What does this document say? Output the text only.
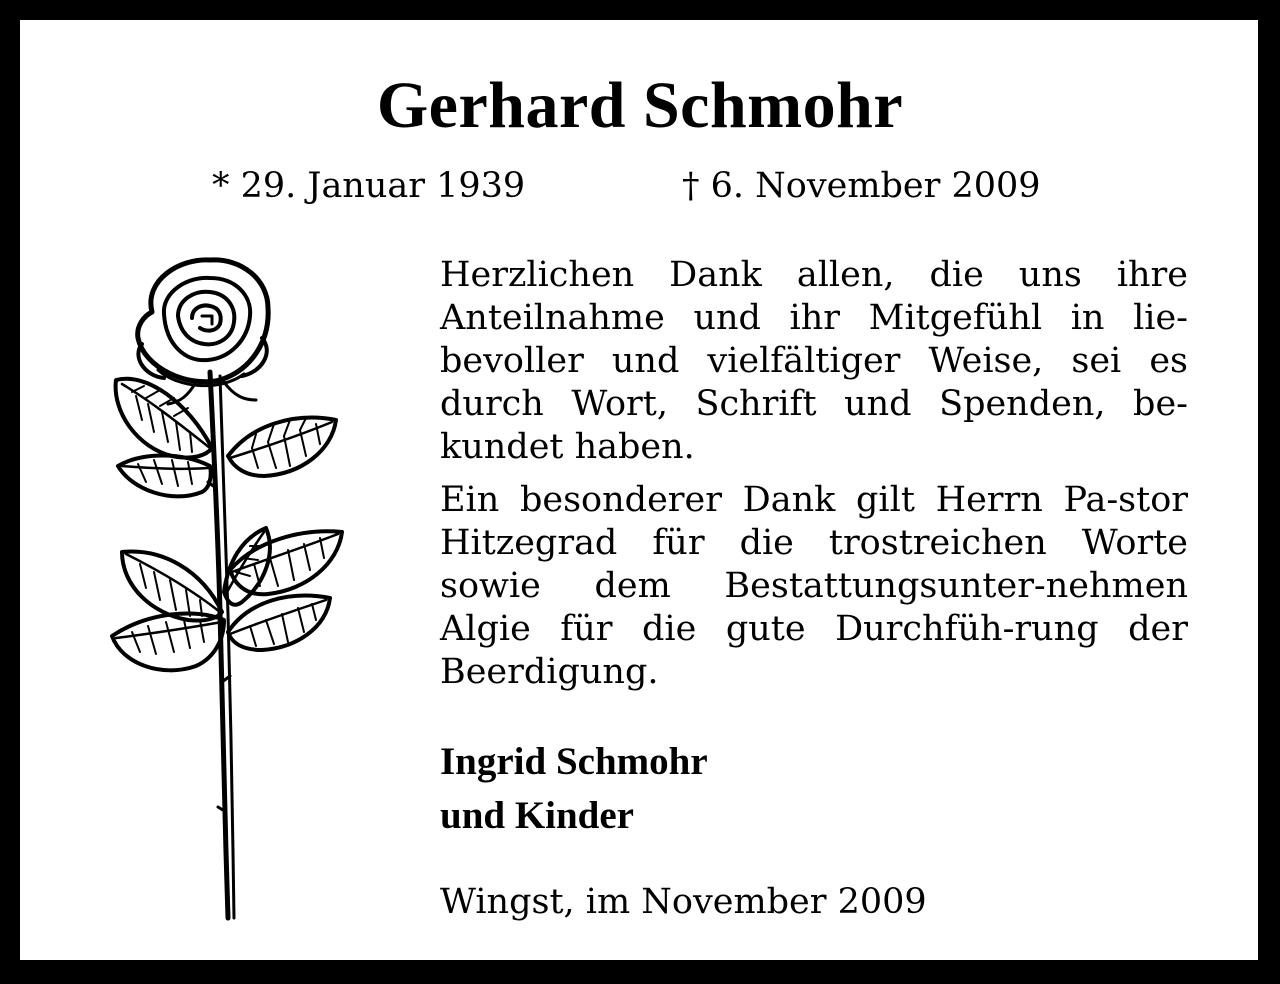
Gerhard Schmohr
* 29. Januar 1939	† 6. November 2009

Herzlichen Dank allen, die uns ihre Anteilnahme und ihr Mitgefühl in lie-bevoller und vielfältiger Weise, sei es durch Wort, Schrift und Spenden, be-kundet haben.

Ein besonderer Dank gilt Herrn Pa-stor Hitzegrad für die trostreichen Worte sowie dem Bestattungsunter-nehmen Algie für die gute Durchfüh-rung der Beerdigung.

Ingrid Schmohr
und Kinder
Wingst, im November 2009
